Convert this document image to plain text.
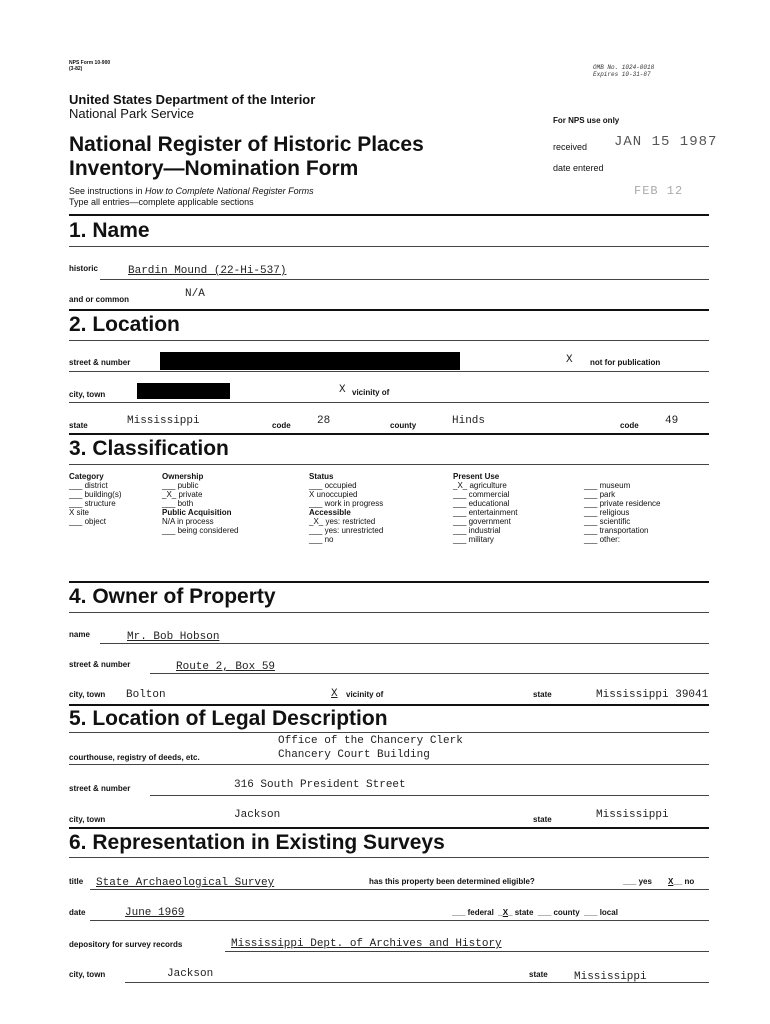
NPS Form 10-900
(3-82)	OMB No. 1024-0018
Expires 10-31-87
United States Department of the Interior
National Park Service
National Register of Historic Places
Inventory—Nomination Form
For NPS use only
received JAN 15 1987
date entered
FEB 12
See instructions in How to Complete National Register Forms
Type all entries—complete applicable sections
1. Name
historic	Bardin Mound (22-Hi-537)
and or common	N/A
2. Location
street & number	X not for publication
city, town	X vicinity of
state	Mississippi	code 28	county	Hinds	code 49
3. Classification
Category
___ district
___ building(s)
___ structure
X site
___ object
Ownership
___ public
_X_ private
___ both
Public Acquisition
N/A in process
___ being considered
Status
___ occupied
X unoccupied
___ work in progress
Accessible
_X_ yes: restricted
___ yes: unrestricted
___ no
Present Use
_X_ agriculture
___ commercial
___ educational
___ entertainment
___ government
___ industrial
___ military
___ museum
___ park
___ private residence
___ religious
___ scientific
___ transportation
___ other:
4. Owner of Property
name	Mr. Bob Hobson
street & number	Route 2, Box 59
city, town Bolton	X vicinity of	state	Mississippi 39041
5. Location of Legal Description
Office of the Chancery Clerk
courthouse, registry of deeds, etc.	Chancery Court Building
street & number	316 South President Street
city, town	Jackson	state	Mississippi
6. Representation in Existing Surveys
title State Archaeological Survey	has this property been determined eligible?	___ yes X__ no
date	June 1969	___ federal  _X_ state  ___ county  ___ local
depository for survey records	Mississippi Dept. of Archives and History
city, town	Jackson	state Mississippi
